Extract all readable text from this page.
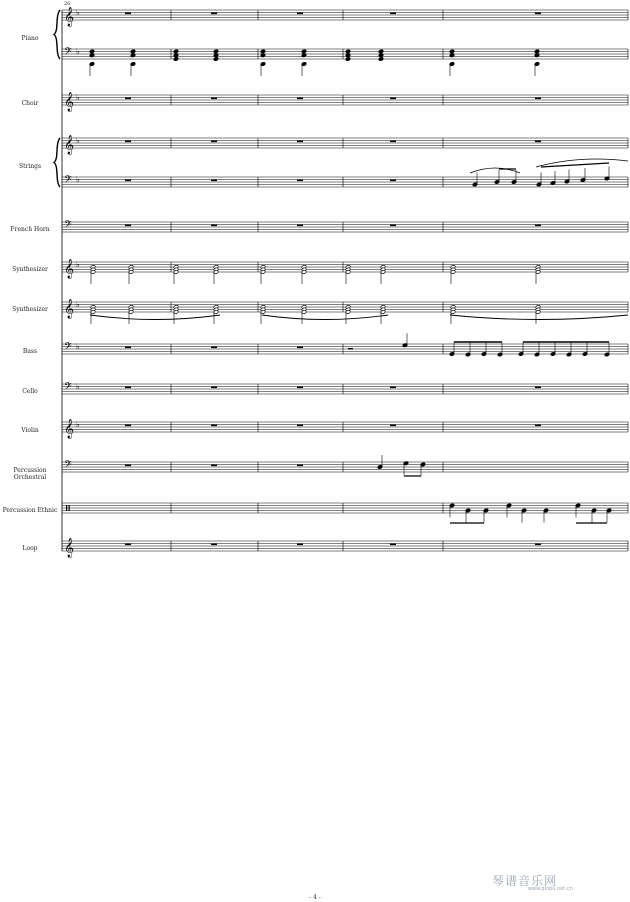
𝄞 ♭
𝄢 ♭
𝄞 ♭
𝄞 ♭
𝄢 ♭
𝄢
𝄞 ♭
𝄞 ♭
𝄢 ♭
𝄢 ♭
𝄞 ♭
𝄢
𝄞
26
Piano
Choir
Strings
French Horn
Synthesizer
Synthesizer
Bass
Cello
Violin
Percussion Orchestral
Percussion Ethnic
Loop
- 4 -
琴谱音乐网
www.qinpu.net.cn
